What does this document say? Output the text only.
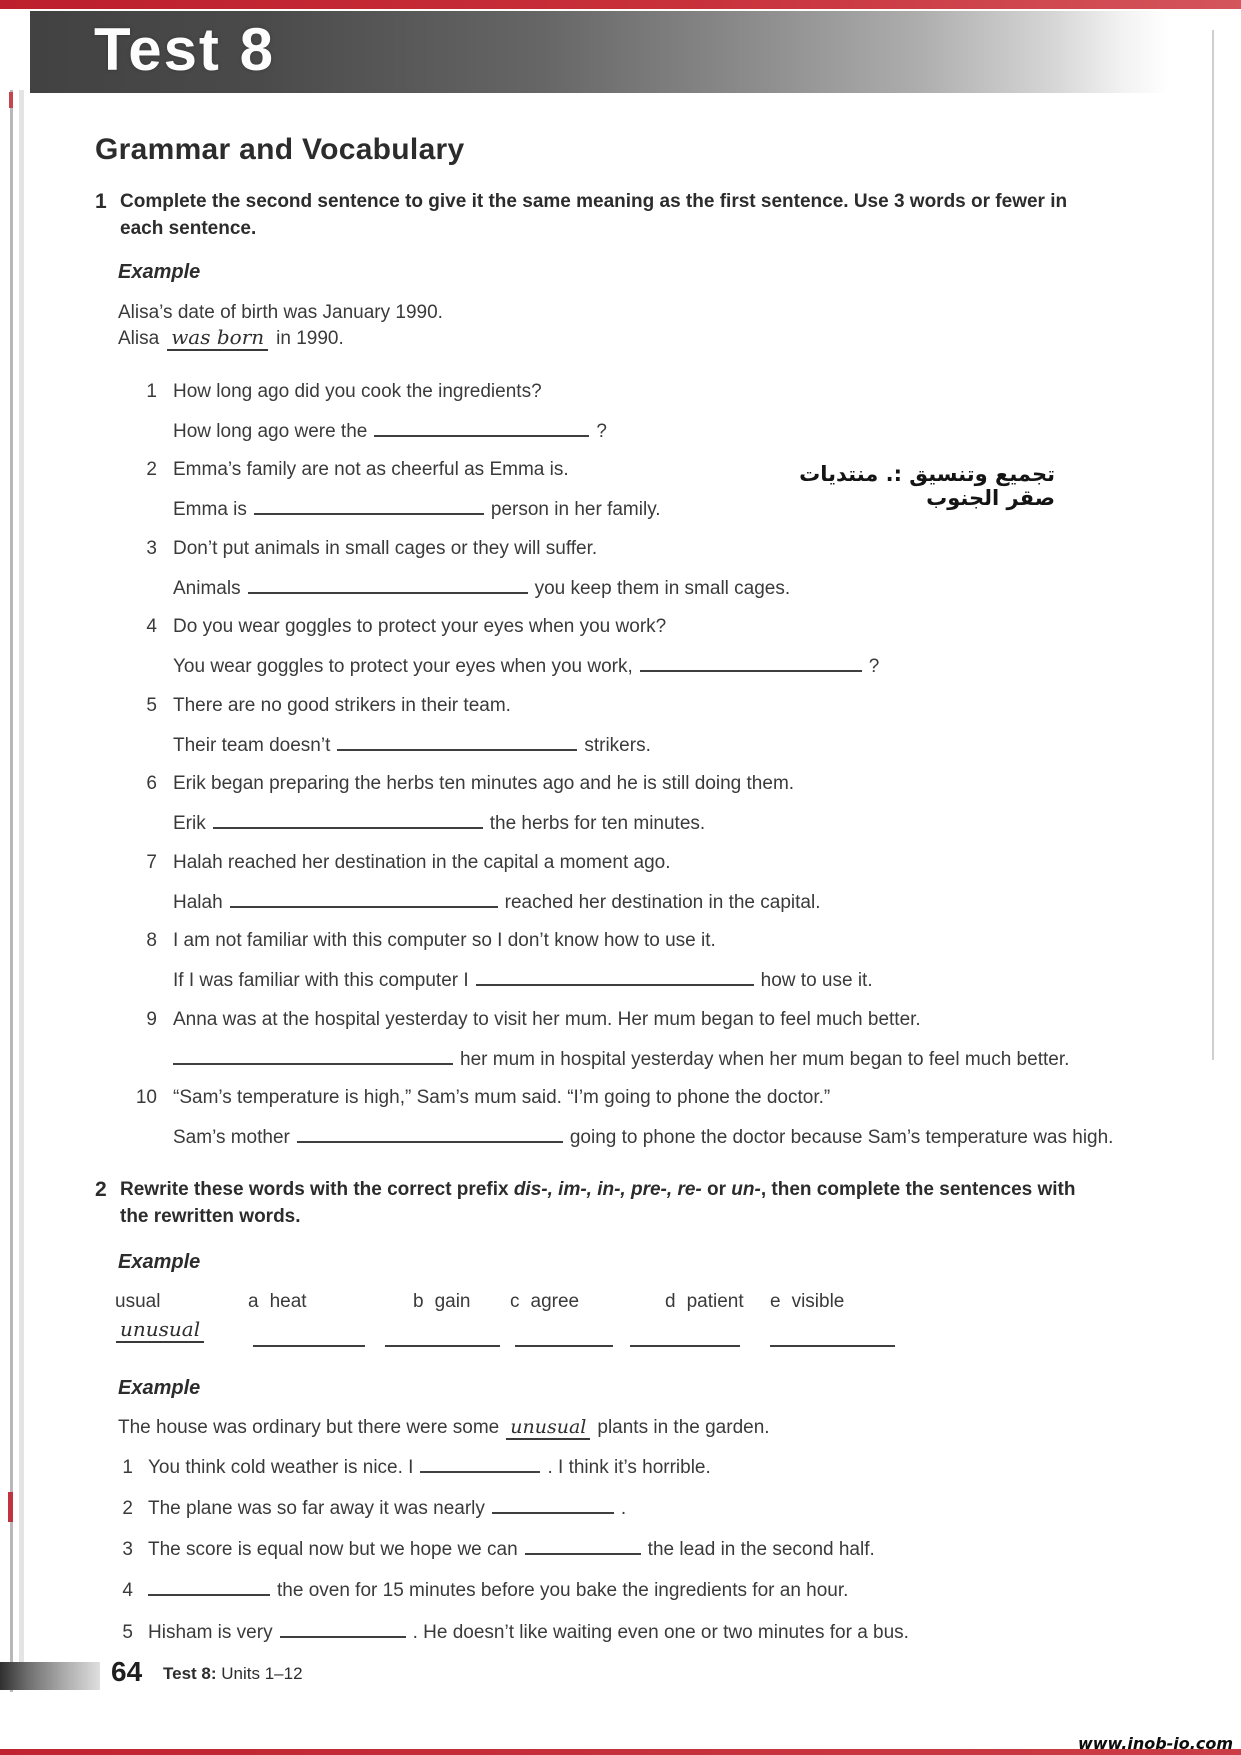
Test 8
Grammar and Vocabulary
1 Complete the second sentence to give it the same meaning as the first sentence. Use 3 words or fewer in each sentence.
Example
Alisa’s date of birth was January 1990.
Alisa was born in 1990.
1 How long ago did you cook the ingredients?
How long ago were the	?
2 Emma’s family are not as cheerful as Emma is.
Emma is	person in her family.
3 Don’t put animals in small cages or they will suffer.
Animals	you keep them in small cages.
4 Do you wear goggles to protect your eyes when you work?
You wear goggles to protect your eyes when you work,	?
5 There are no good strikers in their team.
Their team doesn’t	strikers.
6 Erik began preparing the herbs ten minutes ago and he is still doing them.
Erik	the herbs for ten minutes.
7 Halah reached her destination in the capital a moment ago.
Halah	reached her destination in the capital.
8 I am not familiar with this computer so I don’t know how to use it.
If I was familiar with this computer I	how to use it.
9 Anna was at the hospital yesterday to visit her mum. Her mum began to feel much better.
her mum in hospital yesterday when her mum began to feel much better.
10 “Sam’s temperature is high,” Sam’s mum said. “I’m going to phone the doctor.”
Sam’s mother	going to phone the doctor because Sam’s temperature was high.
تجميع وتنسيق :. منتديات صقر الجنوب
2 Rewrite these words with the correct prefix dis-, im-, in-, pre-, re- or un-, then complete the sentences with the rewritten words.
Example
usual	a heat	b gain c agree	d patient e visible
unusual
Example
The house was ordinary but there were some unusual plants in the garden.
1 You think cold weather is nice. I	. I think it’s horrible.
2 The plane was so far away it was nearly	.
3 The score is equal now but we hope we can	the lead in the second half.
4	the oven for 15 minutes before you bake the ingredients for an hour.
5 Hisham is very	. He doesn’t like waiting even one or two minutes for a bus.
64 Test 8: Units 1–12
www.inob-io.com
